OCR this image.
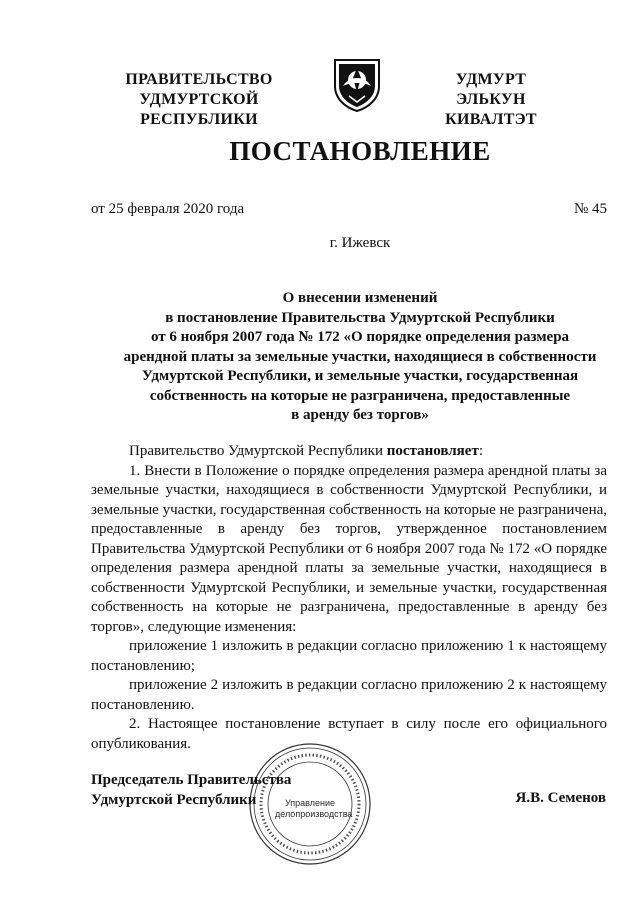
ПРАВИТЕЛЬСТВО
УДМУРТСКОЙ РЕСПУБЛИКИ
УДМУРТ ЭЛЬКУН
КИВАЛТЭТ
ПОСТАНОВЛЕНИЕ
от 25 февраля 2020 года	№ 45
г. Ижевск
О внесении изменений
в постановление Правительства Удмуртской Республики
от 6 ноября 2007 года № 172 «О порядке определения размера
арендной платы за земельные участки, находящиеся в собственности
Удмуртской Республики, и земельные участки, государственная
собственность на которые не разграничена, предоставленные
в аренду без торгов»

Правительство Удмуртской Республики постановляет:

1. Внести в Положение о порядке определения размера арендной платы за земельные участки, находящиеся в собственности Удмуртской Республики, и земельные участки, государственная собственность на которые не разграничена, предоставленные в аренду без торгов, утвержденное постановлением Правительства Удмуртской Республики от 6 ноября 2007 года № 172 «О порядке определения размера арендной платы за земельные участки, находящиеся в собственности Удмуртской Республики, и земельные участки, государственная собственность на которые не разграничена, предоставленные в аренду без торгов», следующие изменения:

приложение 1 изложить в редакции согласно приложению 1 к настоящему постановлению;

приложение 2 изложить в редакции согласно приложению 2 к настоящему постановлению.

2. Настоящее постановление вступает в силу после его официального опубликования.

Управление
делопроизводства
Председатель Правительства
Удмуртской Республики	Я.В. Семенов
